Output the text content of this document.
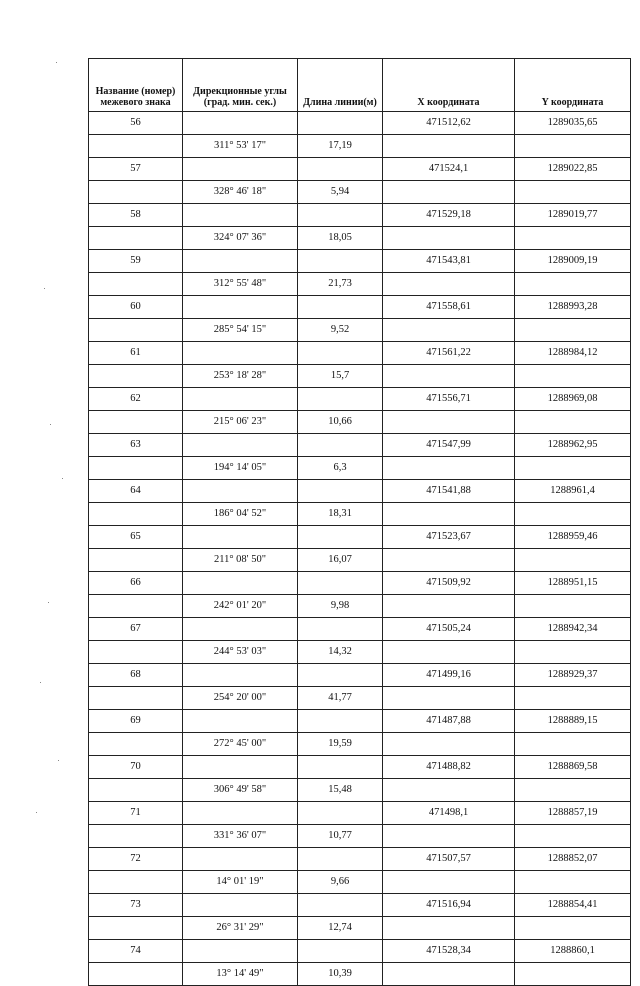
Название (номер) межевого знака	Дирекционные углы (град. мин. сек.)	Длина линии(м)	X координата	Y координата
56			471512,62	1289035,65
	311° 53' 17"	17,19		
57			471524,1	1289022,85
	328° 46' 18"	5,94		
58			471529,18	1289019,77
	324° 07' 36"	18,05		
59			471543,81	1289009,19
	312° 55' 48"	21,73		
60			471558,61	1288993,28
	285° 54' 15"	9,52		
61			471561,22	1288984,12
	253° 18' 28"	15,7		
62			471556,71	1288969,08
	215° 06' 23"	10,66		
63			471547,99	1288962,95
	194° 14' 05"	6,3		
64			471541,88	1288961,4
	186° 04' 52"	18,31		
65			471523,67	1288959,46
	211° 08' 50"	16,07		
66			471509,92	1288951,15
	242° 01' 20"	9,98		
67			471505,24	1288942,34
	244° 53' 03"	14,32		
68			471499,16	1288929,37
	254° 20' 00"	41,77		
69			471487,88	1288889,15
	272° 45' 00"	19,59		
70			471488,82	1288869,58
	306° 49' 58"	15,48		
71			471498,1	1288857,19
	331° 36' 07"	10,77		
72			471507,57	1288852,07
	14° 01' 19"	9,66		
73			471516,94	1288854,41
	26° 31' 29"	12,74		
74			471528,34	1288860,1
	13° 14' 49"	10,39		
